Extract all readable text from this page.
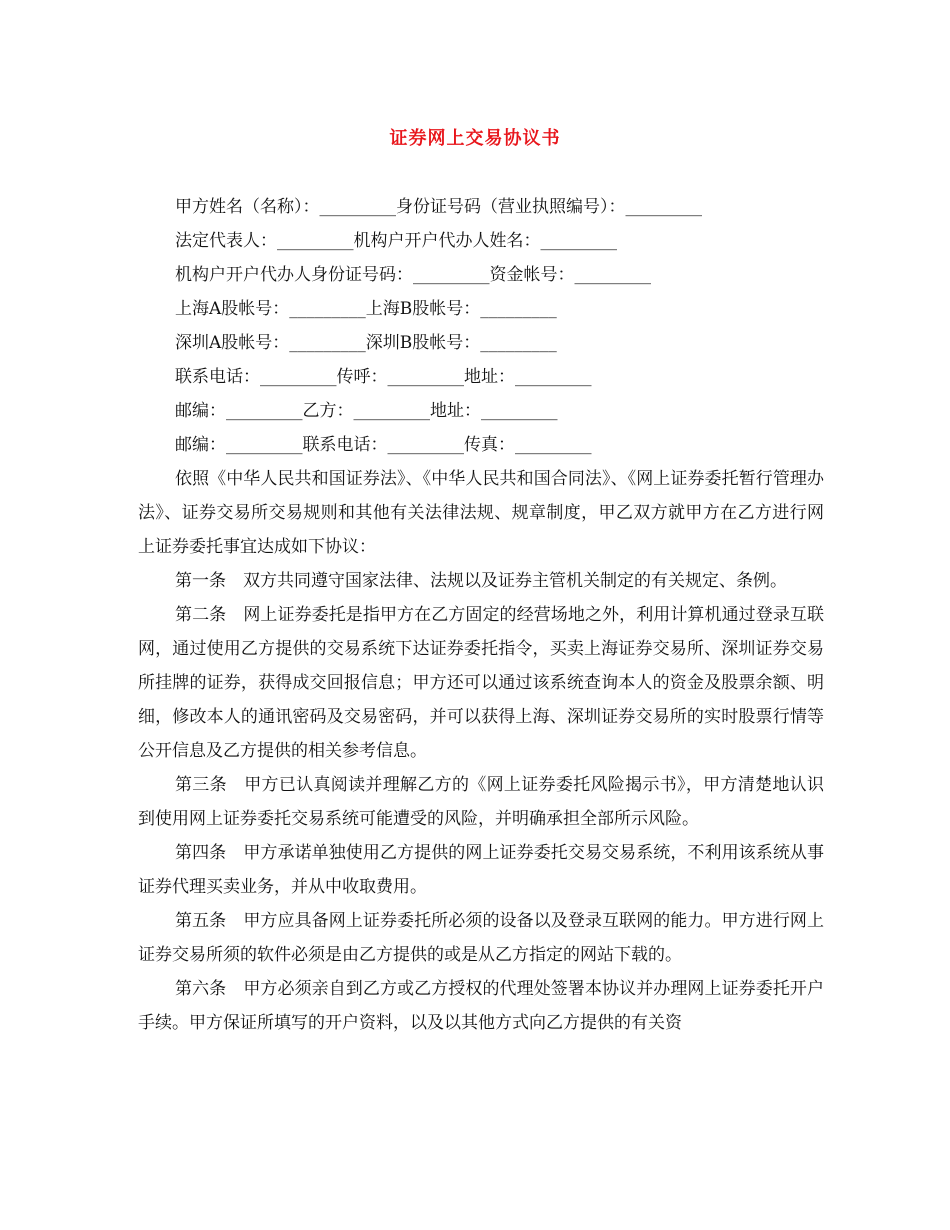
证券网上交易协议书
甲方姓名（名称）：_________身份证号码（营业执照编号）：_________
法定代表人：_________机构户开户代办人姓名：_________
机构户开户代办人身份证号码：_________资金帐号：_________
上海A股帐号：_________上海B股帐号：_________
深圳A股帐号：_________深圳B股帐号：_________
联系电话：_________传呼：_________地址：_________
邮编：_________乙方：_________地址：_________
邮编：_________联系电话：_________传真：_________
依照《中华人民共和国证券法》、《中华人民共和国合同法》、《网上证券委托暂行管理办法》、证券交易所交易规则和其他有关法律法规、规章制度，甲乙双方就甲方在乙方进行网上证券委托事宜达成如下协议：
第一条　双方共同遵守国家法律、法规以及证券主管机关制定的有关规定、条例。
第二条　网上证券委托是指甲方在乙方固定的经营场地之外，利用计算机通过登录互联网，通过使用乙方提供的交易系统下达证券委托指令，买卖上海证券交易所、深圳证券交易所挂牌的证券，获得成交回报信息；甲方还可以通过该系统查询本人的资金及股票余额、明细，修改本人的通讯密码及交易密码，并可以获得上海、深圳证券交易所的实时股票行情等公开信息及乙方提供的相关参考信息。
第三条　甲方已认真阅读并理解乙方的《网上证券委托风险揭示书》，甲方清楚地认识到使用网上证券委托交易系统可能遭受的风险，并明确承担全部所示风险。
第四条　甲方承诺单独使用乙方提供的网上证券委托交易交易系统，不利用该系统从事证券代理买卖业务，并从中收取费用。
第五条　甲方应具备网上证券委托所必须的设备以及登录互联网的能力。甲方进行网上证券交易所须的软件必须是由乙方提供的或是从乙方指定的网站下载的。
第六条　甲方必须亲自到乙方或乙方授权的代理处签署本协议并办理网上证券委托开户手续。甲方保证所填写的开户资料，以及以其他方式向乙方提供的有关资
